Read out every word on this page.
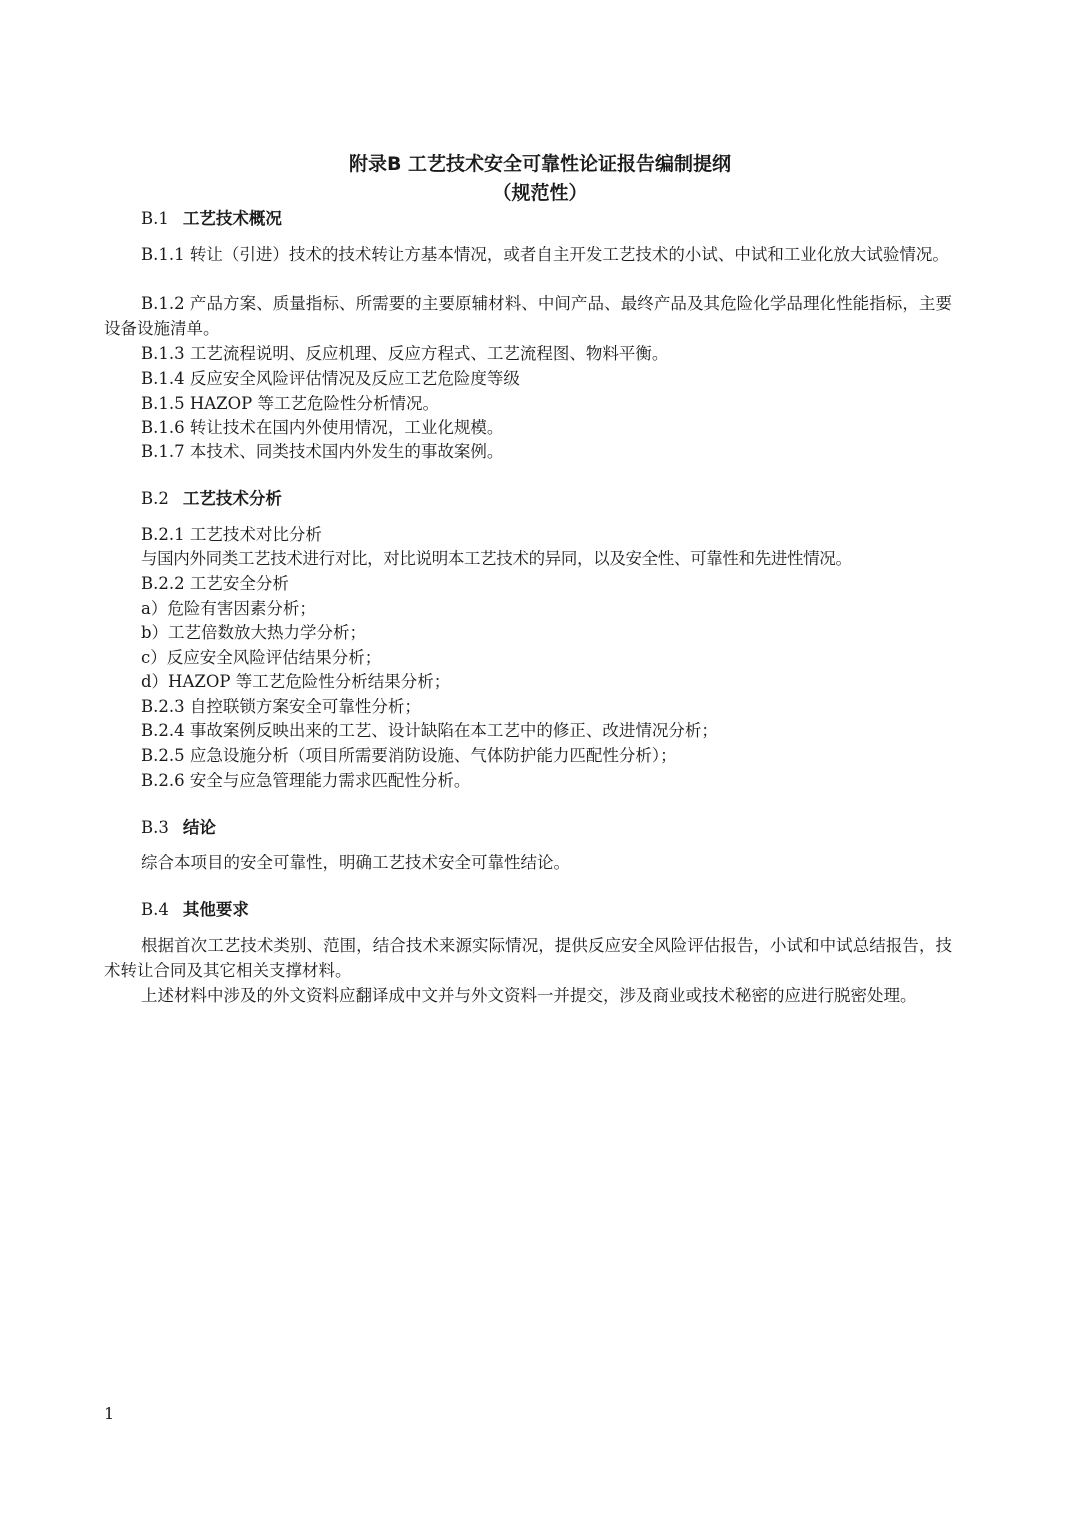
附录B 工艺技术安全可靠性论证报告编制提纲
（规范性）
B.1 工艺技术概况
B.1.1 转让（引进）技术的技术转让方基本情况，或者自主开发工艺技术的小试、中试和工业化放大试验情况。
B.1.2 产品方案、质量指标、所需要的主要原辅材料、中间产品、最终产品及其危险化学品理化性能指标，主要设备设施清单。
B.1.3 工艺流程说明、反应机理、反应方程式、工艺流程图、物料平衡。
B.1.4 反应安全风险评估情况及反应工艺危险度等级
B.1.5 HAZOP 等工艺危险性分析情况。
B.1.6 转让技术在国内外使用情况，工业化规模。
B.1.7 本技术、同类技术国内外发生的事故案例。
B.2 工艺技术分析
B.2.1 工艺技术对比分析
与国内外同类工艺技术进行对比，对比说明本工艺技术的异同，以及安全性、可靠性和先进性情况。
B.2.2 工艺安全分析
a）危险有害因素分析；
b）工艺倍数放大热力学分析；
c）反应安全风险评估结果分析；
d）HAZOP 等工艺危险性分析结果分析；
B.2.3 自控联锁方案安全可靠性分析；
B.2.4 事故案例反映出来的工艺、设计缺陷在本工艺中的修正、改进情况分析；
B.2.5 应急设施分析（项目所需要消防设施、气体防护能力匹配性分析）；
B.2.6 安全与应急管理能力需求匹配性分析。
B.3 结论
综合本项目的安全可靠性，明确工艺技术安全可靠性结论。
B.4 其他要求
根据首次工艺技术类别、范围，结合技术来源实际情况，提供反应安全风险评估报告，小试和中试总结报告，技术转让合同及其它相关支撑材料。
上述材料中涉及的外文资料应翻译成中文并与外文资料一并提交，涉及商业或技术秘密的应进行脱密处理。
1
